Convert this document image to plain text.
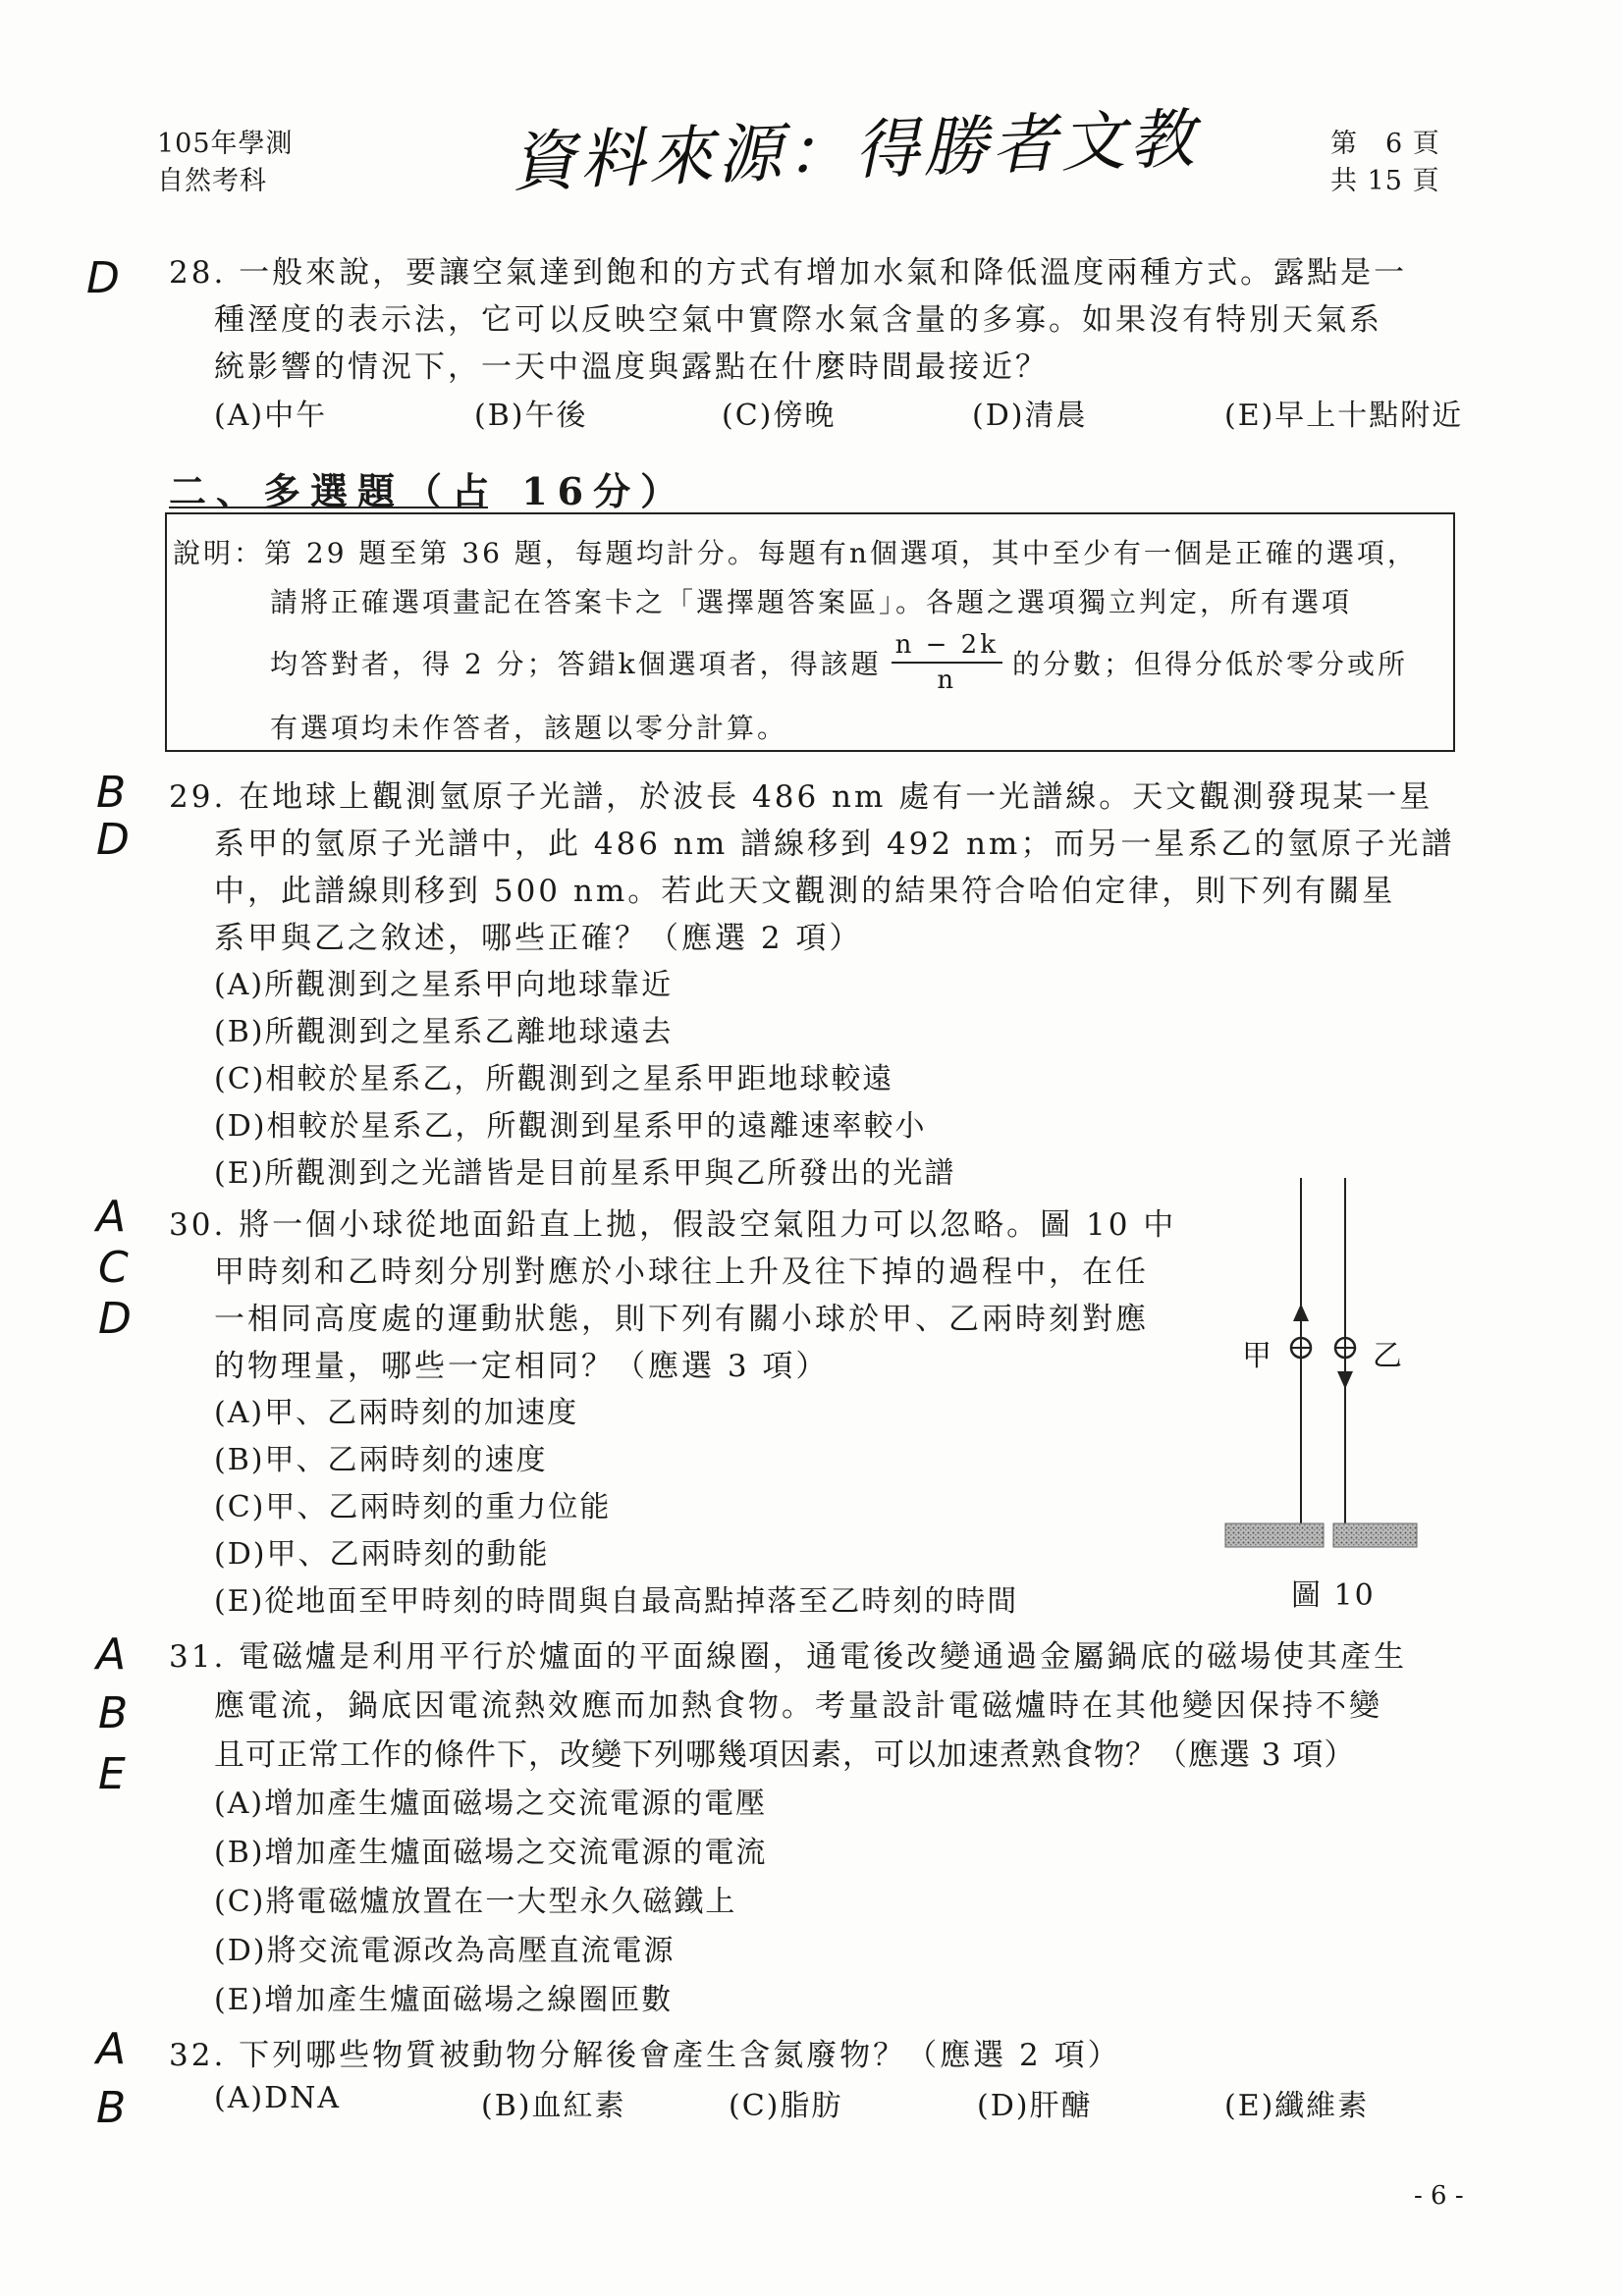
105年學測
自然考科	資料來源：得勝者文教	第　6 頁
共 15 頁
D 28. 一般來說，要讓空氣達到飽和的方式有增加水氣和降低溫度兩種方式。露點是一
種溼度的表示法，它可以反映空氣中實際水氣含量的多寡。如果沒有特別天氣系
統影響的情況下，一天中溫度與露點在什麼時間最接近？
(A)中午	(B)午後	(C)傍晚	(D)清晨	(E)早上十點附近
二、多選題（占 16分）
說明：第 29 題至第 36 題，每題均計分。每題有n個選項，其中至少有一個是正確的選項，
請將正確選項畫記在答案卡之「選擇題答案區」。各題之選項獨立判定，所有選項
均答對者，得 2 分；答錯k個選項者，得該題 $\frac{n - 2k}{n}$ 的分數；但得分低於零分或所
有選項均未作答者，該題以零分計算。
B
D
29. 在地球上觀測氫原子光譜，於波長 486 nm 處有一光譜線。天文觀測發現某一星
系甲的氫原子光譜中，此 486 nm 譜線移到 492 nm；而另一星系乙的氫原子光譜
中，此譜線則移到 500 nm。若此天文觀測的結果符合哈伯定律，則下列有關星
系甲與乙之敘述，哪些正確？（應選 2 項）
(A)所觀測到之星系甲向地球靠近
(B)所觀測到之星系乙離地球遠去
(C)相較於星系乙，所觀測到之星系甲距地球較遠
(D)相較於星系乙，所觀測到星系甲的遠離速率較小
(E)所觀測到之光譜皆是目前星系甲與乙所發出的光譜
A
C
D
30. 將一個小球從地面鉛直上拋，假設空氣阻力可以忽略。圖 10 中
甲時刻和乙時刻分別對應於小球往上升及往下掉的過程中，在任
一相同高度處的運動狀態，則下列有關小球於甲、乙兩時刻對應
的物理量，哪些一定相同？（應選 3 項）
(A)甲、乙兩時刻的加速度
(B)甲、乙兩時刻的速度
(C)甲、乙兩時刻的重力位能
(D)甲、乙兩時刻的動能
(E)從地面至甲時刻的時間與自最高點掉落至乙時刻的時間
甲	乙
圖 10
A
B
E
31. 電磁爐是利用平行於爐面的平面線圈，通電後改變通過金屬鍋底的磁場使其產生
應電流，鍋底因電流熱效應而加熱食物。考量設計電磁爐時在其他變因保持不變
且可正常工作的條件下，改變下列哪幾項因素，可以加速煮熟食物？（應選 3 項）
(A)增加產生爐面磁場之交流電源的電壓
(B)增加產生爐面磁場之交流電源的電流
(C)將電磁爐放置在一大型永久磁鐵上
(D)將交流電源改為高壓直流電源
(E)增加產生爐面磁場之線圈匝數
A
B
32. 下列哪些物質被動物分解後會產生含氮廢物？（應選 2 項）
(A)DNA	(B)血紅素	(C)脂肪	(D)肝醣	(E)纖維素
- 6 -
